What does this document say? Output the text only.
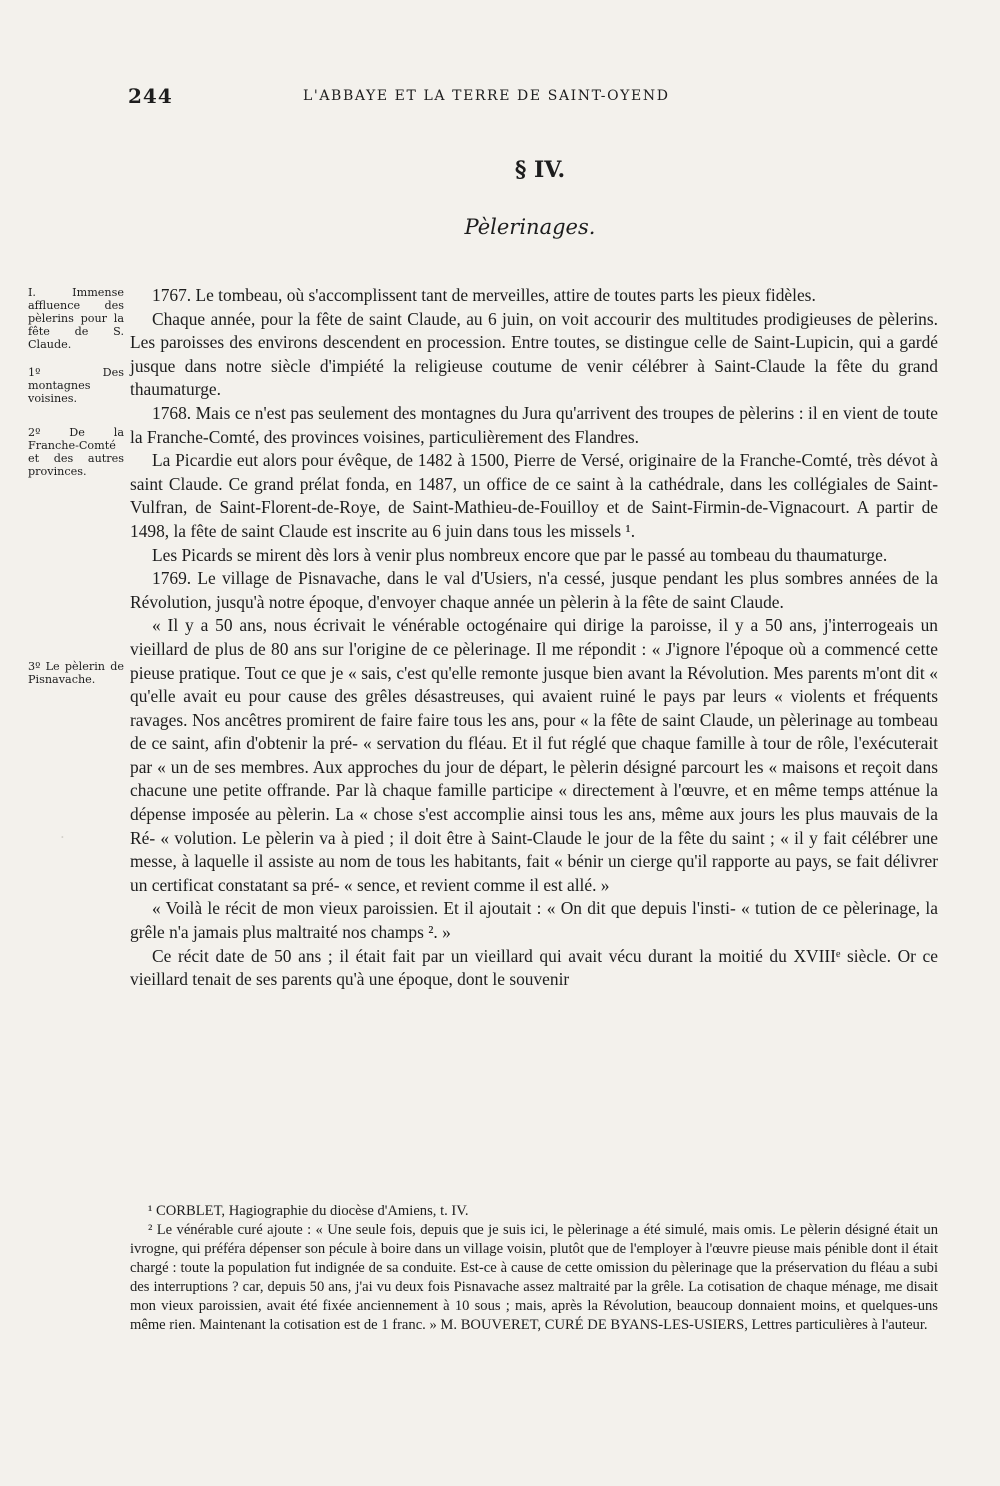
·
244	L'ABBAYE ET LA TERRE DE SAINT-OYEND
§ IV.
Pèlerinages.
I. Immense affluence des pèlerins pour la fête de S. Claude.
1º Des montagnes voisines.
2º De la Franche-Comté et des autres provinces.
3º Le pèlerin de Pisnavache.

1767. Le tombeau, où s'accomplissent tant de merveilles, attire de toutes parts les pieux fidèles.

Chaque année, pour la fête de saint Claude, au 6 juin, on voit accourir des multitudes prodigieuses de pèlerins. Les paroisses des environs descendent en procession. Entre toutes, se distingue celle de Saint-Lupicin, qui a gardé jusque dans notre siècle d'impiété la religieuse coutume de venir célébrer à Saint-Claude la fête du grand thaumaturge.

1768. Mais ce n'est pas seulement des montagnes du Jura qu'arrivent des troupes de pèlerins : il en vient de toute la Franche-Comté, des provinces voisines, particulièrement des Flandres.

La Picardie eut alors pour évêque, de 1482 à 1500, Pierre de Versé, originaire de la Franche-Comté, très dévot à saint Claude. Ce grand prélat fonda, en 1487, un office de ce saint à la cathédrale, dans les collégiales de Saint-Vulfran, de Saint-Florent-de-Roye, de Saint-Mathieu-de-Fouilloy et de Saint-Firmin-de-Vignacourt. A partir de 1498, la fête de saint Claude est inscrite au 6 juin dans tous les missels ¹.

Les Picards se mirent dès lors à venir plus nombreux encore que par le passé au tombeau du thaumaturge.

1769. Le village de Pisnavache, dans le val d'Usiers, n'a cessé, jusque pendant les plus sombres années de la Révolution, jusqu'à notre époque, d'envoyer chaque année un pèlerin à la fête de saint Claude.

« Il y a 50 ans, nous écrivait le vénérable octogénaire qui dirige la paroisse, il y a 50 ans, j'interrogeais un vieillard de plus de 80 ans sur l'origine de ce pèlerinage. Il me répondit : « J'ignore l'époque où a commencé cette pieuse pratique. Tout ce que je « sais, c'est qu'elle remonte jusque bien avant la Révolution. Mes parents m'ont dit « qu'elle avait eu pour cause des grêles désastreuses, qui avaient ruiné le pays par leurs « violents et fréquents ravages. Nos ancêtres promirent de faire faire tous les ans, pour « la fête de saint Claude, un pèlerinage au tombeau de ce saint, afin d'obtenir la pré- « servation du fléau. Et il fut réglé que chaque famille à tour de rôle, l'exécuterait par « un de ses membres. Aux approches du jour de départ, le pèlerin désigné parcourt les « maisons et reçoit dans chacune une petite offrande. Par là chaque famille participe « directement à l'œuvre, et en même temps atténue la dépense imposée au pèlerin. La « chose s'est accomplie ainsi tous les ans, même aux jours les plus mauvais de la Ré- « volution. Le pèlerin va à pied ; il doit être à Saint-Claude le jour de la fête du saint ; « il y fait célébrer une messe, à laquelle il assiste au nom de tous les habitants, fait « bénir un cierge qu'il rapporte au pays, se fait délivrer un certificat constatant sa pré- « sence, et revient comme il est allé. »

« Voilà le récit de mon vieux paroissien. Et il ajoutait : « On dit que depuis l'insti- « tution de ce pèlerinage, la grêle n'a jamais plus maltraité nos champs ². »

Ce récit date de 50 ans ; il était fait par un vieillard qui avait vécu durant la moitié du XVIIIᵉ siècle. Or ce vieillard tenait de ses parents qu'à une époque, dont le souvenir

¹ CORBLET, Hagiographie du diocèse d'Amiens, t. IV.

² Le vénérable curé ajoute : « Une seule fois, depuis que je suis ici, le pèlerinage a été simulé, mais omis. Le pèlerin désigné était un ivrogne, qui préféra dépenser son pécule à boire dans un village voisin, plutôt que de l'employer à l'œuvre pieuse mais pénible dont il était chargé : toute la population fut indignée de sa conduite. Est-ce à cause de cette omission du pèlerinage que la préservation du fléau a subi des interruptions ? car, depuis 50 ans, j'ai vu deux fois Pisnavache assez maltraité par la grêle. La cotisation de chaque ménage, me disait mon vieux paroissien, avait été fixée anciennement à 10 sous ; mais, après la Révolution, beaucoup donnaient moins, et quelques-uns même rien. Maintenant la cotisation est de 1 franc. » M. BOUVERET, CURÉ DE BYANS-LES-USIERS, Lettres particulières à l'auteur.
